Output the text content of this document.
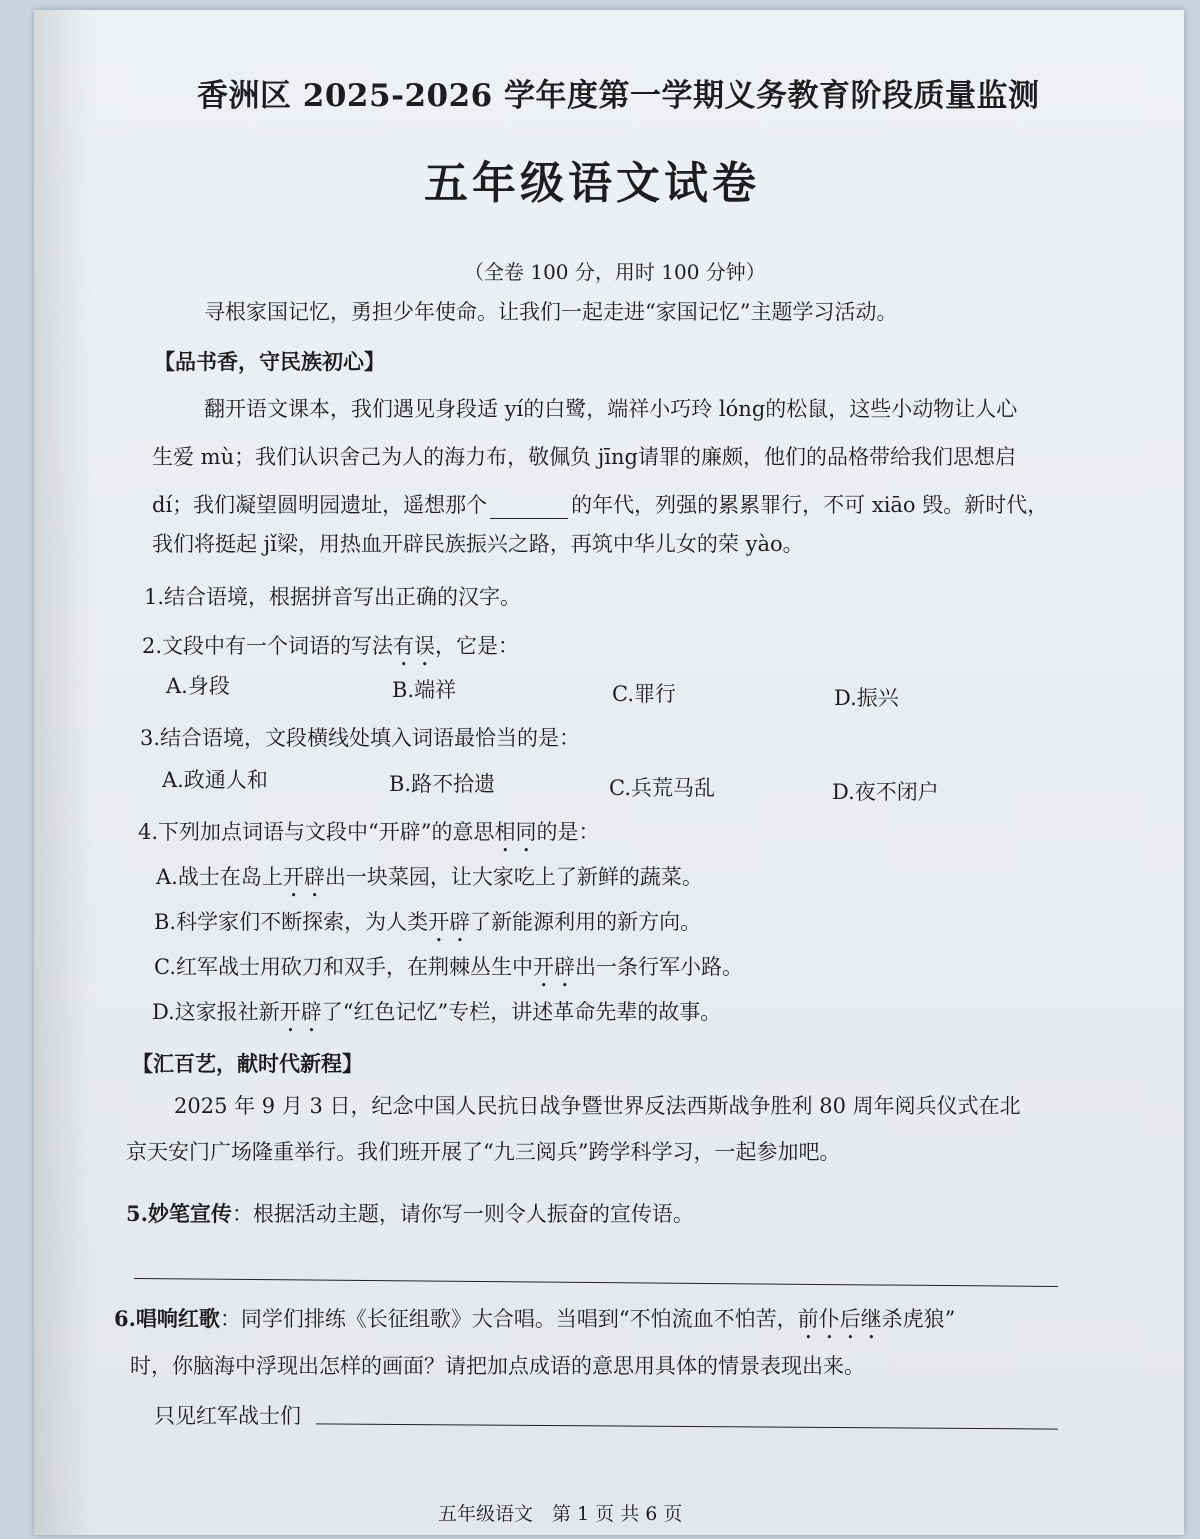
香洲区 2025-2026 学年度第一学期义务教育阶段质量监测
五年级语文试卷
（全卷 100 分，用时 100 分钟）
寻根家国记忆，勇担少年使命。让我们一起走进“家国记忆”主题学习活动。
【品书香，守民族初心】
翻开语文课本，我们遇见身段适 yí的白鹭，端祥小巧玲 lóng的松鼠，这些小动物让人心
生爱 mù；我们认识舍己为人的海力布，敬佩负 jīng请罪的廉颇，他们的品格带给我们思想启
dí；我们凝望圆明园遗址，遥想那个	的年代，列强的累累罪行，不可 xiāo 毁。新时代，
我们将挺起 jǐ梁，用热血开辟民族振兴之路，再筑中华儿女的荣 yào。
1.结合语境，根据拼音写出正确的汉字。
2.文段中有一个词语的写法有误，它是：
A.身段	B.端祥	C.罪行	D.振兴
3.结合语境，文段横线处填入词语最恰当的是：
A.政通人和	B.路不拾遗	C.兵荒马乱	D.夜不闭户
4.下列加点词语与文段中“开辟”的意思相同的是：
A.战士在岛上开辟出一块菜园，让大家吃上了新鲜的蔬菜。
B.科学家们不断探索，为人类开辟了新能源利用的新方向。
C.红军战士用砍刀和双手，在荆棘丛生中开辟出一条行军小路。
D.这家报社新开辟了“红色记忆”专栏，讲述革命先辈的故事。
【汇百艺，献时代新程】
2025 年 9 月 3 日，纪念中国人民抗日战争暨世界反法西斯战争胜利 80 周年阅兵仪式在北
京天安门广场隆重举行。我们班开展了“九三阅兵”跨学科学习，一起参加吧。
5.妙笔宣传：根据活动主题，请你写一则令人振奋的宣传语。
6.唱响红歌：同学们排练《长征组歌》大合唱。当唱到“不怕流血不怕苦，前仆后继杀虎狼”
时，你脑海中浮现出怎样的画面？请把加点成语的意思用具体的情景表现出来。
只见红军战士们
五年级语文　第 1 页 共 6 页
